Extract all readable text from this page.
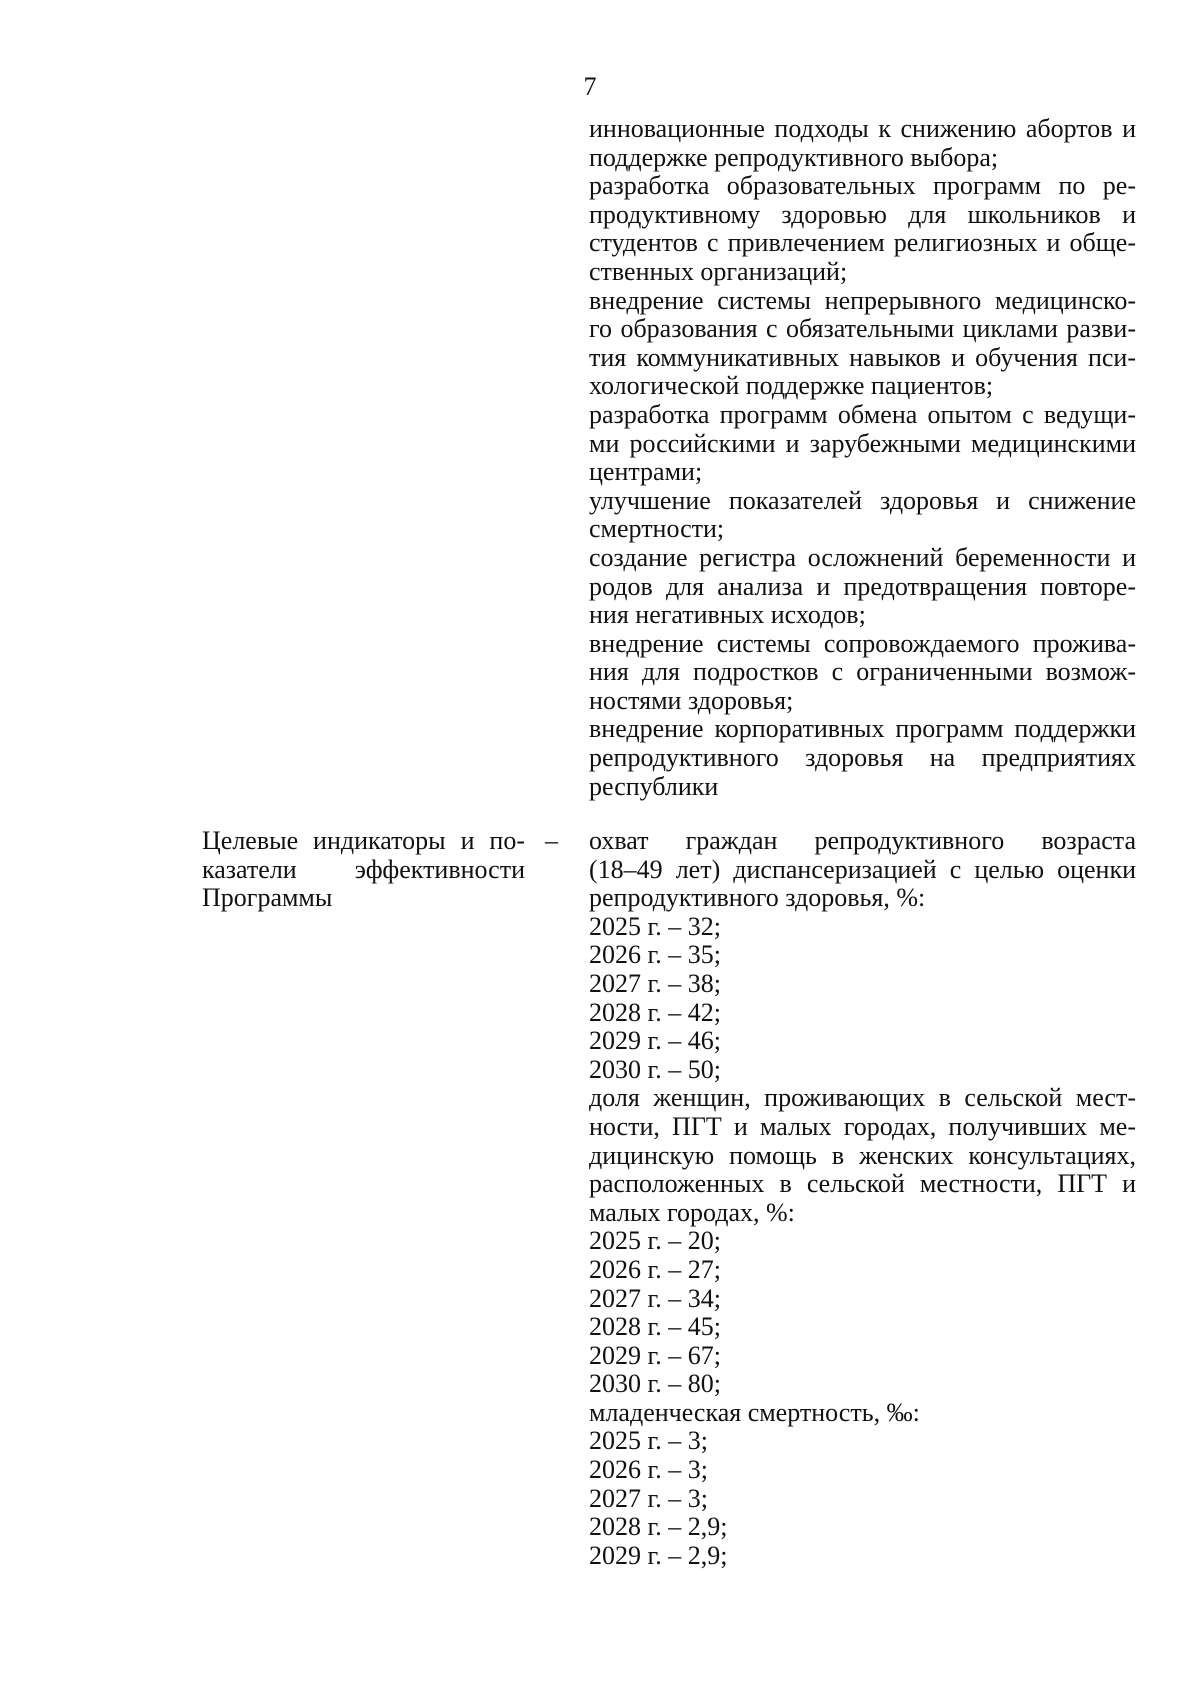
7
инновационные подходы к снижению абортов и
поддержке репродуктивного выбора;
разработка образовательных программ по ре-
продуктивному здоровью для школьников и
студентов с привлечением религиозных и обще-
ственных организаций;
внедрение системы непрерывного медицинско-
го образования с обязательными циклами разви-
тия коммуникативных навыков и обучения пси-
хологической поддержке пациентов;
разработка программ обмена опытом с ведущи-
ми российскими и зарубежными медицинскими
центрами;
улучшение показателей здоровья и снижение
смертности;
создание регистра осложнений беременности и
родов для анализа и предотвращения повторе-
ния негативных исходов;
внедрение системы сопровождаемого прожива-
ния для подростков с ограниченными возмож-
ностями здоровья;
внедрение корпоративных программ поддержки
репродуктивного здоровья на предприятиях
республики
Целевые индикаторы и по-
казатели эффективности
Программы
– охват граждан репродуктивного возраста
(18–49 лет) диспансеризацией с целью оценки
репродуктивного здоровья, %:
2025 г. – 32;
2026 г. – 35;
2027 г. – 38;
2028 г. – 42;
2029 г. – 46;
2030 г. – 50;
доля женщин, проживающих в сельской мест-
ности, ПГТ и малых городах, получивших ме-
дицинскую помощь в женских консультациях,
расположенных в сельской местности, ПГТ и
малых городах, %:
2025 г. – 20;
2026 г. – 27;
2027 г. – 34;
2028 г. – 45;
2029 г. – 67;
2030 г. – 80;
младенческая смертность, ‰:
2025 г. – 3;
2026 г. – 3;
2027 г. – 3;
2028 г. – 2,9;
2029 г. – 2,9;
